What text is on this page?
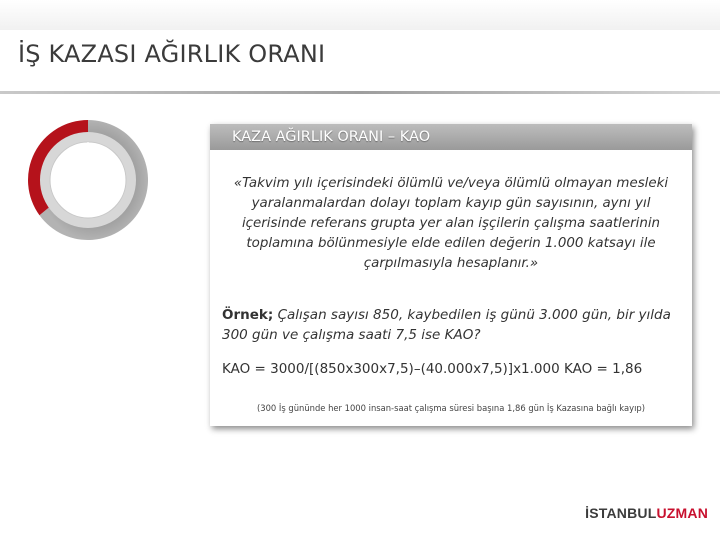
İŞ KAZASI AĞIRLIK ORANI
KAZA AĞIRLIK ORANI – KAO

«Takvim yılı içerisindeki ölümlü ve/veya ölümlü olmayan mesleki yaralanmalardan dolayı toplam kayıp gün sayısının, aynı yıl içerisinde referans grupta yer alan işçilerin çalışma saatlerinin toplamına bölünmesiyle elde edilen değerin 1.000 katsayı ile çarpılmasıyla hesaplanır.»

Örnek; Çalışan sayısı 850, kaybedilen iş günü 3.000 gün, bir yılda 300 gün ve çalışma saati 7,5 ise KAO?

KAO = 3000/[(850x300x7,5)–(40.000x7,5)]x1.000 KAO = 1,86

(300 İş gününde her 1000 insan-saat çalışma süresi başına 1,86 gün İş Kazasına bağlı kayıp)

İSTANBULUZMAN
